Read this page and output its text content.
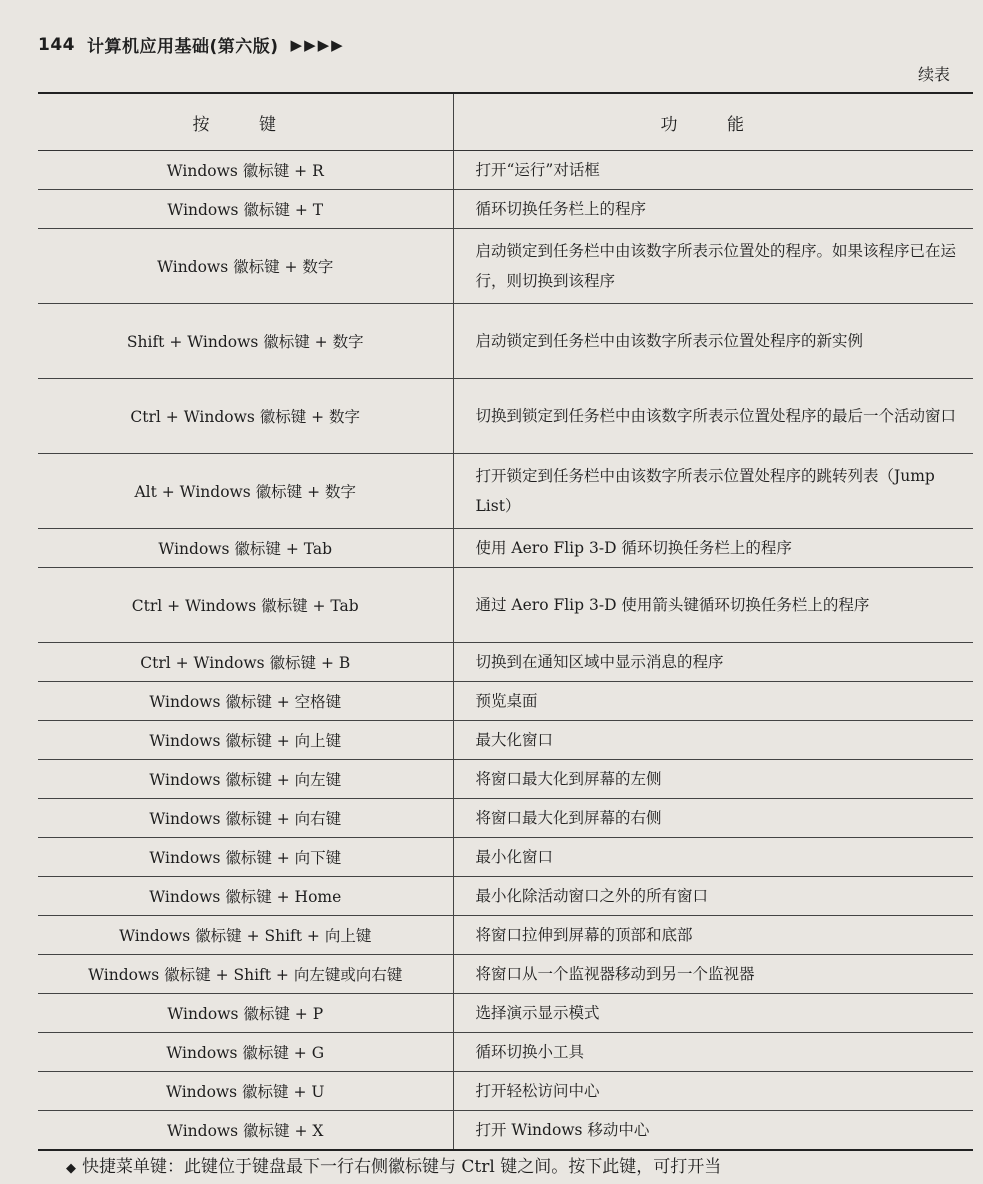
144 计算机应用基础(第六版) ▶▶▶▶
续表
按 键	功 能
Windows 徽标键 + R	打开“运行”对话框
Windows 徽标键 + T	循环切换任务栏上的程序
Windows 徽标键 + 数字	启动锁定到任务栏中由该数字所表示位置处的程序。如果该程序已在运行，则切换到该程序
Shift + Windows 徽标键 + 数字	启动锁定到任务栏中由该数字所表示位置处程序的新实例
Ctrl + Windows 徽标键 + 数字	切换到锁定到任务栏中由该数字所表示位置处程序的最后一个活动窗口
Alt + Windows 徽标键 + 数字	打开锁定到任务栏中由该数字所表示位置处程序的跳转列表（Jump List）
Windows 徽标键 + Tab	使用 Aero Flip 3-D 循环切换任务栏上的程序
Ctrl + Windows 徽标键 + Tab	通过 Aero Flip 3-D 使用箭头键循环切换任务栏上的程序
Ctrl + Windows 徽标键 + B	切换到在通知区域中显示消息的程序
Windows 徽标键 + 空格键	预览桌面
Windows 徽标键 + 向上键	最大化窗口
Windows 徽标键 + 向左键	将窗口最大化到屏幕的左侧
Windows 徽标键 + 向右键	将窗口最大化到屏幕的右侧
Windows 徽标键 + 向下键	最小化窗口
Windows 徽标键 + Home	最小化除活动窗口之外的所有窗口
Windows 徽标键 + Shift + 向上键	将窗口拉伸到屏幕的顶部和底部
Windows 徽标键 + Shift + 向左键或向右键	将窗口从一个监视器移动到另一个监视器
Windows 徽标键 + P	选择演示显示模式
Windows 徽标键 + G	循环切换小工具
Windows 徽标键 + U	打开轻松访问中心
Windows 徽标键 + X	打开 Windows 移动中心
◆ 快捷菜单键：此键位于键盘最下一行右侧徽标键与 Ctrl 键之间。按下此键，可打开当
